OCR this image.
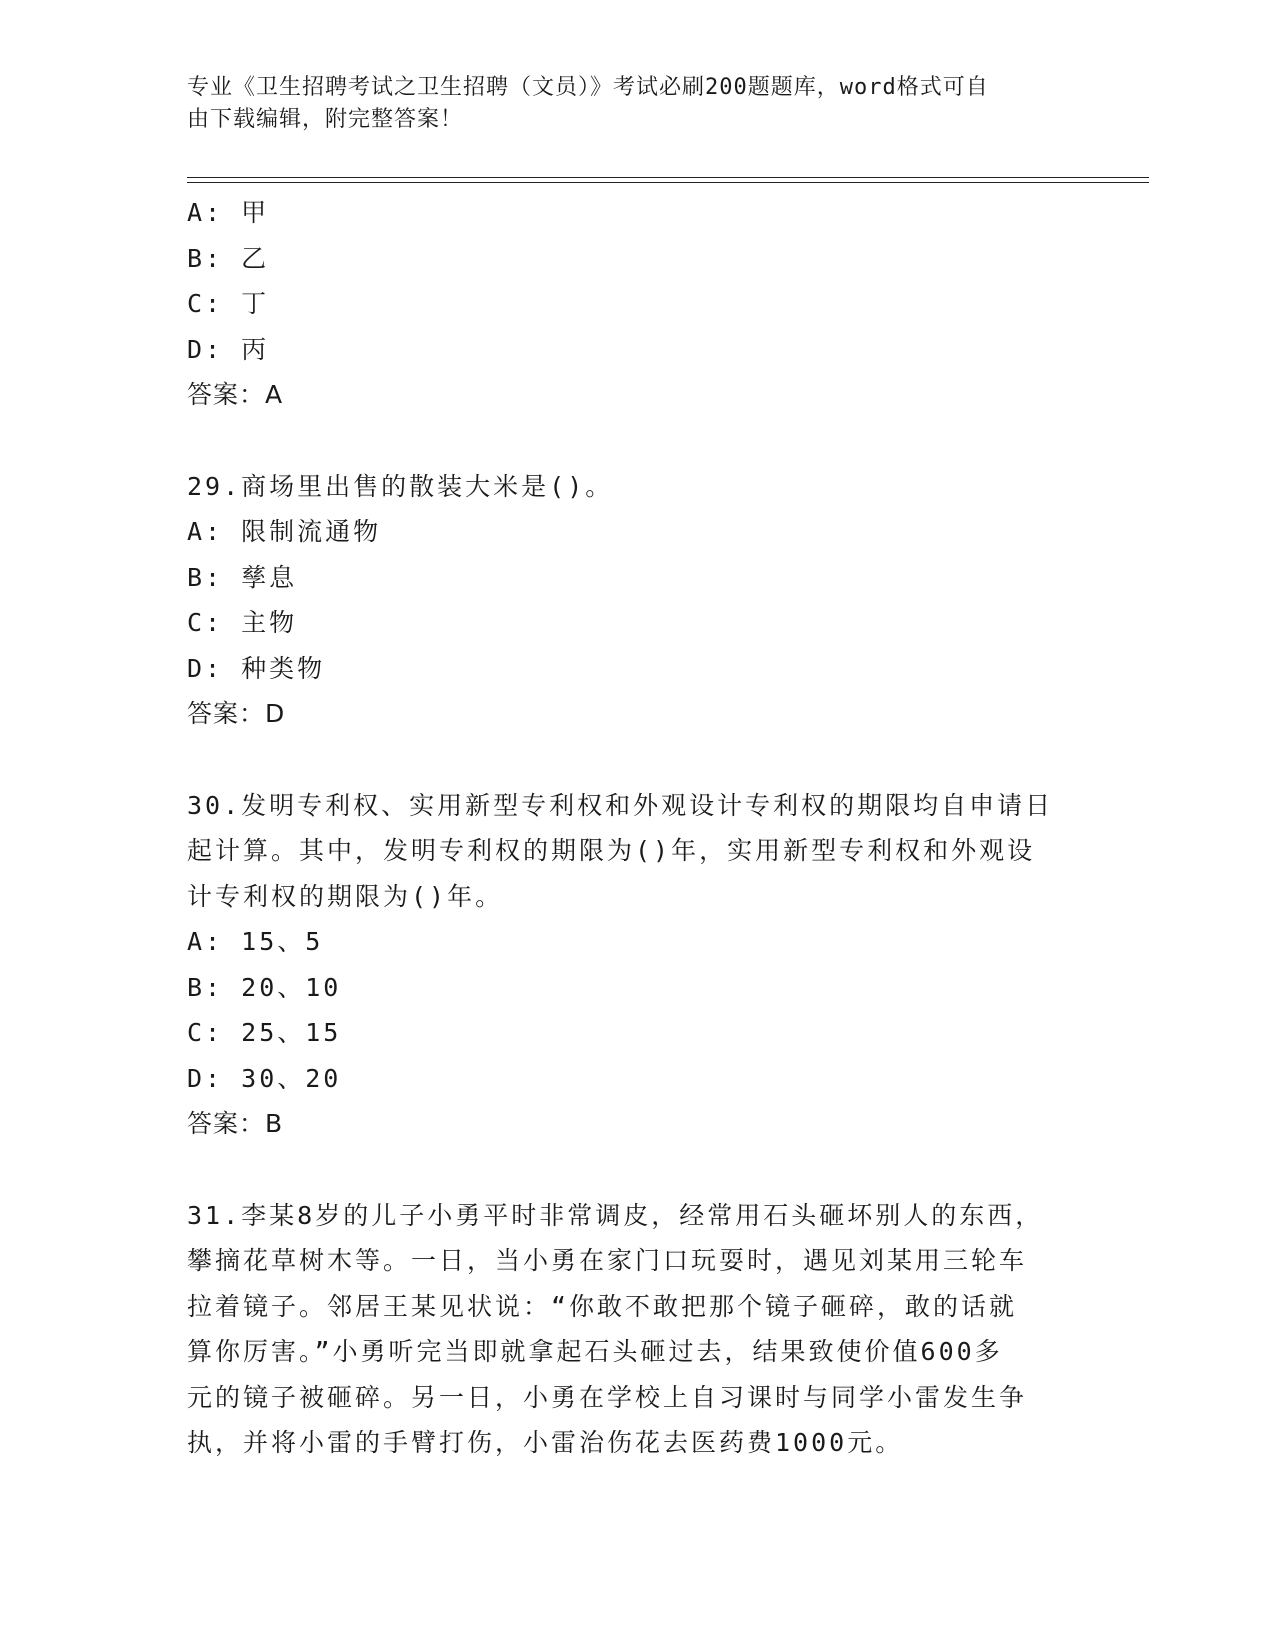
专业《卫生招聘考试之卫生招聘（文员）》考试必刷200题题库，word格式可自
由下载编辑，附完整答案！
A: 甲
B: 乙
C: 丁
D: 丙
答案：A
29.商场里出售的散装大米是()。
A: 限制流通物
B: 孳息
C: 主物
D: 种类物
答案：D
30.发明专利权、实用新型专利权和外观设计专利权的期限均自申请日
起计算。其中，发明专利权的期限为()年，实用新型专利权和外观设
计专利权的期限为()年。
A: 15、5
B: 20、10
C: 25、15
D: 30、20
答案：B
31.李某8岁的儿子小勇平时非常调皮，经常用石头砸坏别人的东西，
攀摘花草树木等。一日，当小勇在家门口玩耍时，遇见刘某用三轮车
拉着镜子。邻居王某见状说：“你敢不敢把那个镜子砸碎，敢的话就
算你厉害。”小勇听完当即就拿起石头砸过去，结果致使价值600多
元的镜子被砸碎。另一日，小勇在学校上自习课时与同学小雷发生争
执，并将小雷的手臂打伤，小雷治伤花去医药费1000元。
